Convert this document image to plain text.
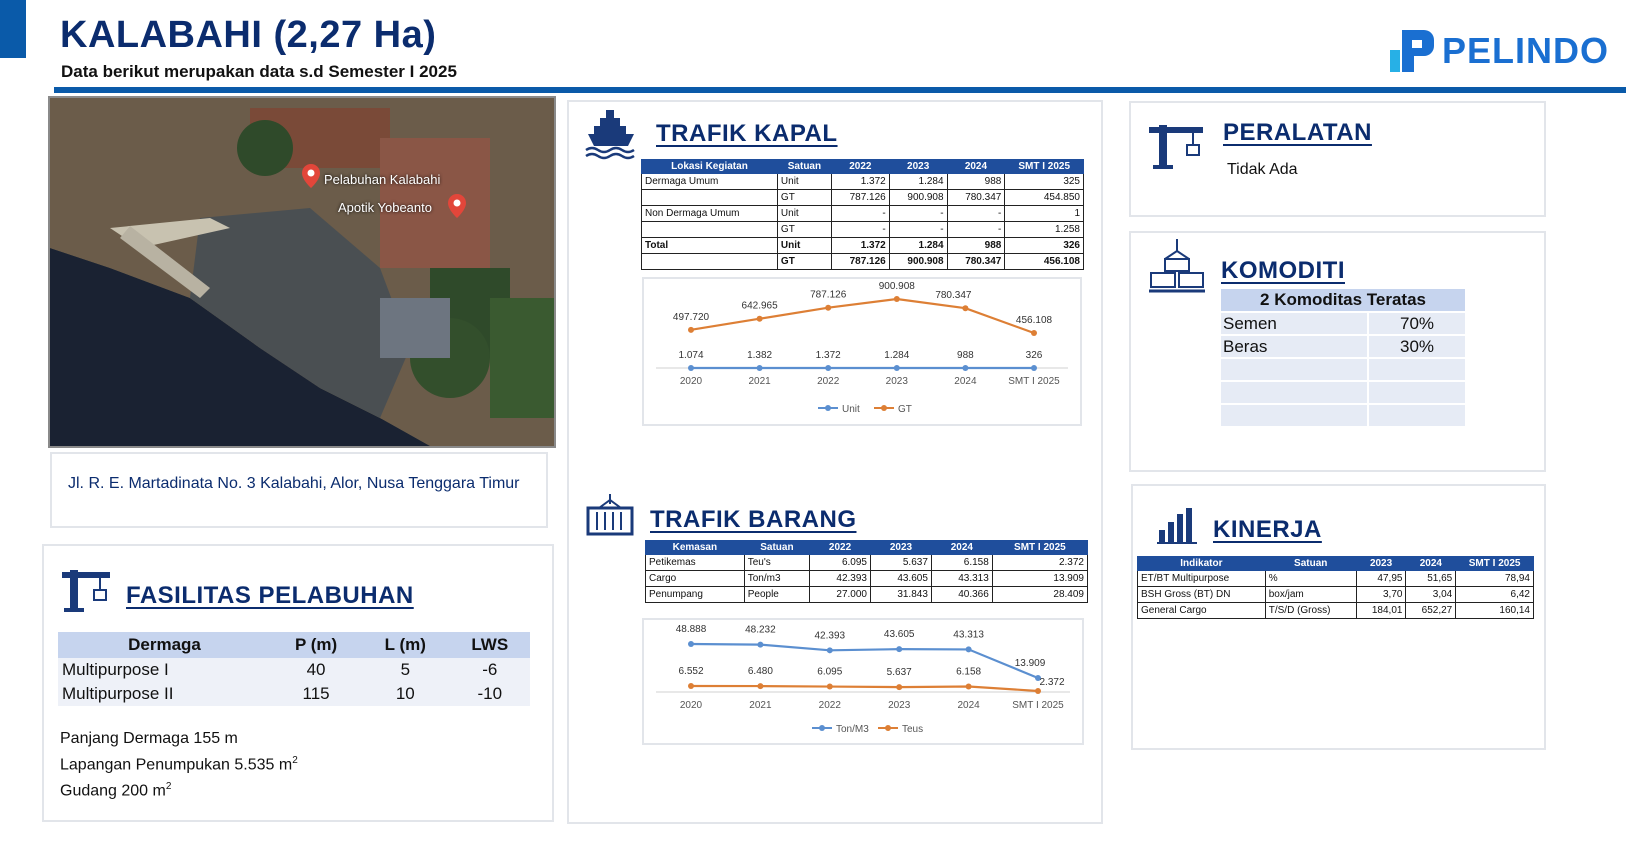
KALABAHI (2,27 Ha)
Data berikut merupakan data s.d Semester I 2025
PELINDO
Pelabuhan Kalabahi
Apotik Yobeanto
Jl. R. E. Martadinata No. 3 Kalabahi, Alor, Nusa Tenggara Timur
FASILITAS PELABUHAN
Dermaga	P (m)	L (m)	LWS
Multipurpose I	40	5	-6
Multipurpose II	115	10	-10
Panjang Dermaga 155 m
Lapangan Penumpukan 5.535 $m^2$
Gudang 200 $m^2$
TRAFIK KAPAL
Lokasi Kegiatan	Satuan	2022	2023	2024	SMT I 2025
Dermaga Umum	Unit	1.372	1.284	988	325
	GT	787.126	900.908	780.347	454.850
Non Dermaga Umum	Unit	-	-	-	1
	GT	-	-	-	1.258
Total	Unit	1.372	1.284	988	326
	GT	787.126	900.908	780.347	456.108
2020	2021	2022	2023	2024	SMT I 2025
1.074	1.382	1.372	1.284	988	326
Unit
497.720
642.965
787.126
900.908
780.347
456.108
GT
TRAFIK BARANG
Kemasan	Satuan	2022	2023	2024	SMT I 2025
Petikemas	Teu's	6.095	5.637	6.158	2.372
Cargo	Ton/m3	42.393	43.605	43.313	13.909
Penumpang	People	27.000	31.843	40.366	28.409
2020	2021	2022	2023	2024	SMT I 2025
48.888	48.232
42.393	43.605	43.313
13.909
Ton/M3
6.552	6.480	6.095	5.637	6.158
2.372
Teus
PERALATAN
Tidak Ada
KOMODITI
2 Komoditas Teratas	
Semen	70%
Beras	30%

KINERJA
Indikator	Satuan	2023	2024	SMT I 2025
ET/BT Multipurpose	%	47,95	51,65	78,94
BSH Gross (BT) DN	box/jam	3,70	3,04	6,42
General Cargo	T/S/D (Gross)	184,01	652,27	160,14
